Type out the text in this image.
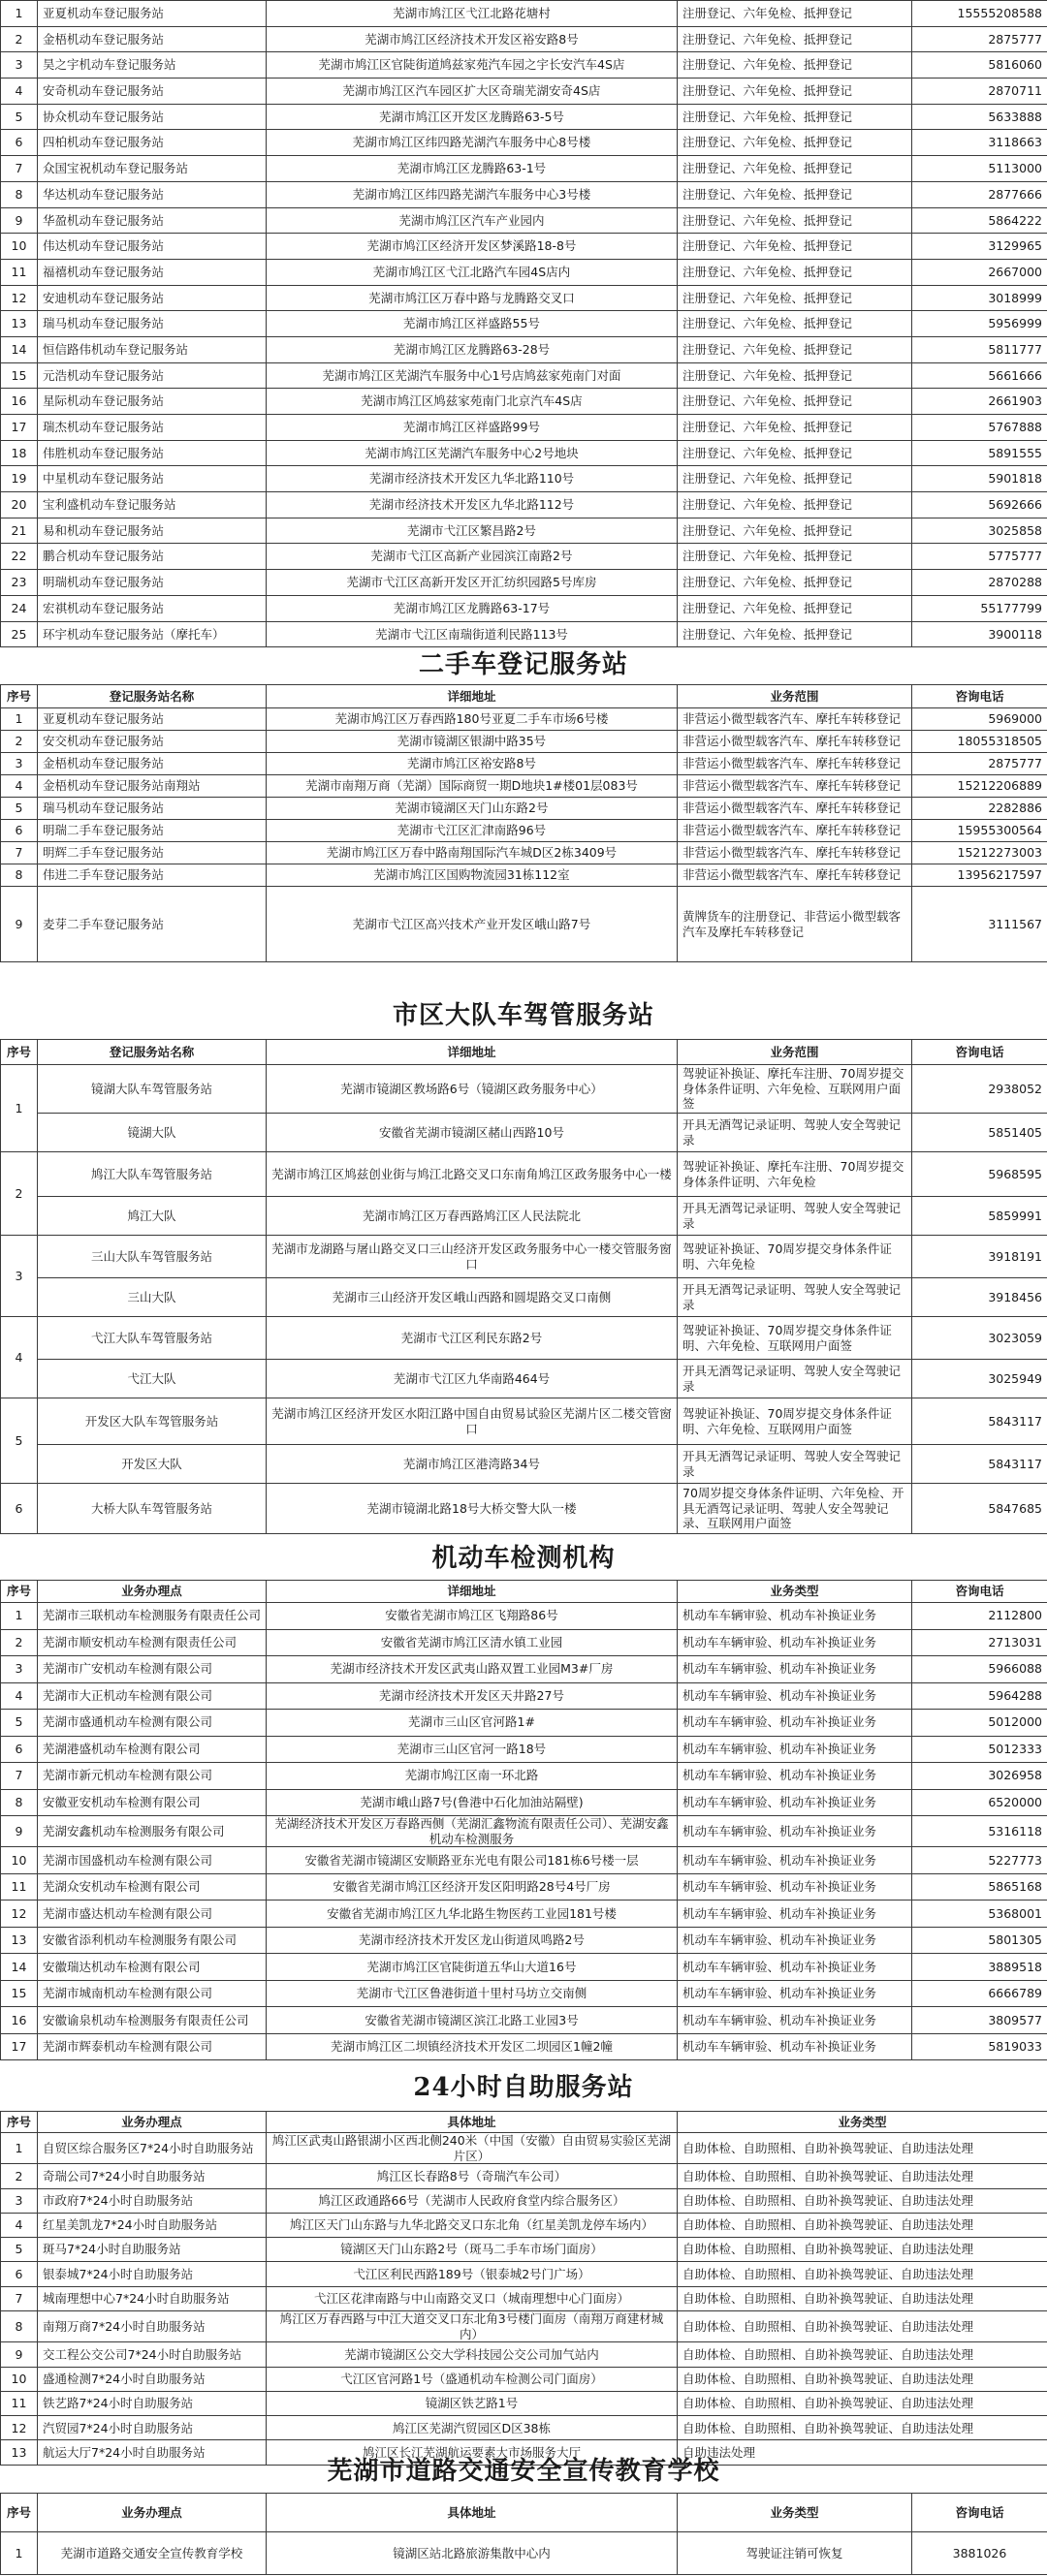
1	亚夏机动车登记服务站	芜湖市鸠江区弋江北路花塘村	注册登记、六年免检、抵押登记	15555208588
2	金梧机动车登记服务站	芜湖市鸠江区经济技术开发区裕安路8号	注册登记、六年免检、抵押登记	2875777
3	昊之宇机动车登记服务站	芜湖市鸠江区官陡街道鸠兹家苑汽车园之宇长安汽车4S店	注册登记、六年免检、抵押登记	5816060
4	安奇机动车登记服务站	芜湖市鸠江区汽车园区扩大区奇瑞芜湖安奇4S店	注册登记、六年免检、抵押登记	2870711
5	协众机动车登记服务站	芜湖市鸠江区开发区龙腾路63-5号	注册登记、六年免检、抵押登记	5633888
6	四柏机动车登记服务站	芜湖市鸠江区纬四路芜湖汽车服务中心8号楼	注册登记、六年免检、抵押登记	3118663
7	众国宝祝机动车登记服务站	芜湖市鸠江区龙腾路63-1号	注册登记、六年免检、抵押登记	5113000
8	华达机动车登记服务站	芜湖市鸠江区纬四路芜湖汽车服务中心3号楼	注册登记、六年免检、抵押登记	2877666
9	华盈机动车登记服务站	芜湖市鸠江区汽车产业园内	注册登记、六年免检、抵押登记	5864222
10	伟达机动车登记服务站	芜湖市鸠江区经济开发区梦溪路18-8号	注册登记、六年免检、抵押登记	3129965
11	福禧机动车登记服务站	芜湖市鸠江区弋江北路汽车园4S店内	注册登记、六年免检、抵押登记	2667000
12	安迪机动车登记服务站	芜湖市鸠江区万春中路与龙腾路交叉口	注册登记、六年免检、抵押登记	3018999
13	瑞马机动车登记服务站	芜湖市鸠江区祥盛路55号	注册登记、六年免检、抵押登记	5956999
14	恒信路伟机动车登记服务站	芜湖市鸠江区龙腾路63-28号	注册登记、六年免检、抵押登记	5811777
15	元浩机动车登记服务站	芜湖市鸠江区芜湖汽车服务中心1号店鸠兹家苑南门对面	注册登记、六年免检、抵押登记	5661666
16	星际机动车登记服务站	芜湖市鸠江区鸠兹家苑南门北京汽车4S店	注册登记、六年免检、抵押登记	2661903
17	瑞杰机动车登记服务站	芜湖市鸠江区祥盛路99号	注册登记、六年免检、抵押登记	5767888
18	伟胜机动车登记服务站	芜湖市鸠江区芜湖汽车服务中心2号地块	注册登记、六年免检、抵押登记	5891555
19	中星机动车登记服务站	芜湖市经济技术开发区九华北路110号	注册登记、六年免检、抵押登记	5901818
20	宝利盛机动车登记服务站	芜湖市经济技术开发区九华北路112号	注册登记、六年免检、抵押登记	5692666
21	易和机动车登记服务站	芜湖市弋江区繁昌路2号	注册登记、六年免检、抵押登记	3025858
22	鹏合机动车登记服务站	芜湖市弋江区高新产业园滨江南路2号	注册登记、六年免检、抵押登记	5775777
23	明瑞机动车登记服务站	芜湖市弋江区高新开发区开汇纺织园路5号库房	注册登记、六年免检、抵押登记	2870288
24	宏祺机动车登记服务站	芜湖市鸠江区龙腾路63-17号	注册登记、六年免检、抵押登记	55177799
25	环宇机动车登记服务站（摩托车）	芜湖市弋江区南瑞街道利民路113号	注册登记、六年免检、抵押登记	3900118
二手车登记服务站
序号	登记服务站名称	详细地址	业务范围	咨询电话
1	亚夏机动车登记服务站	芜湖市鸠江区万春西路180号亚夏二手车市场6号楼	非营运小微型载客汽车、摩托车转移登记	5969000
2	安交机动车登记服务站	芜湖市镜湖区银湖中路35号	非营运小微型载客汽车、摩托车转移登记	18055318505
3	金梧机动车登记服务站	芜湖市鸠江区裕安路8号	非营运小微型载客汽车、摩托车转移登记	2875777
4	金梧机动车登记服务站南翔站	芜湖市南翔万商（芜湖）国际商贸一期D地块1#楼01层083号	非营运小微型载客汽车、摩托车转移登记	15212206889
5	瑞马机动车登记服务站	芜湖市镜湖区天门山东路2号	非营运小微型载客汽车、摩托车转移登记	2282886
6	明瑞二手车登记服务站	芜湖市弋江区汇津南路96号	非营运小微型载客汽车、摩托车转移登记	15955300564
7	明辉二手车登记服务站	芜湖市鸠江区万春中路南翔国际汽车城D区2栋3409号	非营运小微型载客汽车、摩托车转移登记	15212273003
8	伟进二手车登记服务站	芜湖市鸠江区国购物流园31栋112室	非营运小微型载客汽车、摩托车转移登记	13956217597
9	麦芽二手车登记服务站	芜湖市弋江区高兴技术产业开发区峨山路7号	黄牌货车的注册登记、非营运小微型载客汽车及摩托车转移登记	3111567
市区大队车驾管服务站
序号	登记服务站名称	详细地址	业务范围	咨询电话
1	镜湖大队车驾管服务站	芜湖市镜湖区教场路6号（镜湖区政务服务中心）	驾驶证补换证、摩托车注册、70周岁提交身体条件证明、六年免检、互联网用户面签	2938052
	镜湖大队	安徽省芜湖市镜湖区赭山西路10号	开具无酒驾记录证明、驾驶人安全驾驶记录	5851405
2	鸠江大队车驾管服务站	芜湖市鸠江区鸠兹创业街与鸠江北路交叉口东南角鸠江区政务服务中心一楼	驾驶证补换证、摩托车注册、70周岁提交身体条件证明、六年免检	5968595
	鸠江大队	芜湖市鸠江区万春西路鸠江区人民法院北	开具无酒驾记录证明、驾驶人安全驾驶记录	5859991
3	三山大队车驾管服务站	芜湖市龙湖路与屠山路交叉口三山经济开发区政务服务中心一楼交管服务窗口	驾驶证补换证、70周岁提交身体条件证明、六年免检	3918191
	三山大队	芜湖市三山经济开发区峨山西路和圆堤路交叉口南侧	开具无酒驾记录证明、驾驶人安全驾驶记录	3918456
4	弋江大队车驾管服务站	芜湖市弋江区利民东路2号	驾驶证补换证、70周岁提交身体条件证明、六年免检、互联网用户面签	3023059
	弋江大队	芜湖市弋江区九华南路464号	开具无酒驾记录证明、驾驶人安全驾驶记录	3025949
5	开发区大队车驾管服务站	芜湖市鸠江区经济开发区水阳江路中国自由贸易试验区芜湖片区二楼交管窗口	驾驶证补换证、70周岁提交身体条件证明、六年免检、互联网用户面签	5843117
	开发区大队	芜湖市鸠江区港湾路34号	开具无酒驾记录证明、驾驶人安全驾驶记录	5843117
6	大桥大队车驾管服务站	芜湖市镜湖北路18号大桥交警大队一楼	70周岁提交身体条件证明、六年免检、开具无酒驾记录证明、驾驶人安全驾驶记录、互联网用户面签	5847685
机动车检测机构
序号	业务办理点	详细地址	业务类型	咨询电话
1	芜湖市三联机动车检测服务有限责任公司	安徽省芜湖市鸠江区飞翔路86号	机动车车辆审验、机动车补换证业务	2112800
2	芜湖市顺安机动车检测有限责任公司	安徽省芜湖市鸠江区清水镇工业园	机动车车辆审验、机动车补换证业务	2713031
3	芜湖市广安机动车检测有限公司	芜湖市经济技术开发区武夷山路双置工业园M3#厂房	机动车车辆审验、机动车补换证业务	5966088
4	芜湖市大正机动车检测有限公司	芜湖市经济技术开发区天井路27号	机动车车辆审验、机动车补换证业务	5964288
5	芜湖市盛通机动车检测有限公司	芜湖市三山区官河路1#	机动车车辆审验、机动车补换证业务	5012000
6	芜湖港盛机动车检测有限公司	芜湖市三山区官河一路18号	机动车车辆审验、机动车补换证业务	5012333
7	芜湖市新元机动车检测有限公司	芜湖市鸠江区南一环北路	机动车车辆审验、机动车补换证业务	3026958
8	安徽亚安机动车检测有限公司	芜湖市峨山路7号(鲁港中石化加油站隔壁)	机动车车辆审验、机动车补换证业务	6520000
9	芜湖安鑫机动车检测服务有限公司	芜湖经济技术开发区万春路西侧（芜湖汇鑫物流有限责任公司）、芜湖安鑫机动车检测服务	机动车车辆审验、机动车补换证业务	5316118
10	芜湖市国盛机动车检测有限公司	安徽省芜湖市镜湖区安顺路亚东光电有限公司181栋6号楼一层	机动车车辆审验、机动车补换证业务	5227773
11	芜湖众安机动车检测有限公司	安徽省芜湖市鸠江区经济开发区阳明路28号4号厂房	机动车车辆审验、机动车补换证业务	5865168
12	芜湖市盛达机动车检测有限公司	安徽省芜湖市鸠江区九华北路生物医药工业园181号楼	机动车车辆审验、机动车补换证业务	5368001
13	安徽省添利机动车检测服务有限公司	芜湖市经济技术开发区龙山街道凤鸣路2号	机动车车辆审验、机动车补换证业务	5801305
14	安徽瑞达机动车检测有限公司	芜湖市鸠江区官陡街道五华山大道16号	机动车车辆审验、机动车补换证业务	3889518
15	芜湖市城南机动车检测有限公司	芜湖市弋江区鲁港街道十里村马坊立交南侧	机动车车辆审验、机动车补换证业务	6666789
16	安徽谕泉机动车检测服务有限责任公司	安徽省芜湖市镜湖区滨江北路工业园3号	机动车车辆审验、机动车补换证业务	3809577
17	芜湖市辉泰机动车检测有限公司	芜湖市鸠江区二坝镇经济技术开发区二坝园区1幢2幢	机动车车辆审验、机动车补换证业务	5819033
24小时自助服务站
序号	业务办理点	具体地址	业务类型
1	自贸区综合服务区7*24小时自助服务站	鸠江区武夷山路银湖小区西北侧240米（中国（安徽）自由贸易实验区芜湖片区）	自助体检、自助照相、自助补换驾驶证、自助违法处理
2	奇瑞公司7*24小时自助服务站	鸠江区长春路8号（奇瑞汽车公司）	自助体检、自助照相、自助补换驾驶证、自助违法处理
3	市政府7*24小时自助服务站	鸠江区政通路66号（芜湖市人民政府食堂内综合服务区）	自助体检、自助照相、自助补换驾驶证、自助违法处理
4	红星美凯龙7*24小时自助服务站	鸠江区天门山东路与九华北路交叉口东北角（红星美凯龙停车场内）	自助体检、自助照相、自助补换驾驶证、自助违法处理
5	斑马7*24小时自助服务站	镜湖区天门山东路2号（斑马二手车市场门面房）	自助体检、自助照相、自助补换驾驶证、自助违法处理
6	银泰城7*24小时自助服务站	弋江区利民西路189号（银泰城2号门广场）	自助体检、自助照相、自助补换驾驶证、自助违法处理
7	城南理想中心7*24小时自助服务站	弋江区花津南路与中山南路交叉口（城南理想中心门面房）	自助体检、自助照相、自助补换驾驶证、自助违法处理
8	南翔万商7*24小时自助服务站	鸠江区万春西路与中江大道交叉口东北角3号楼门面房（南翔万商建材城内）	自助体检、自助照相、自助补换驾驶证、自助违法处理
9	交工程公交公司7*24小时自助服务站	芜湖市镜湖区公交大学科技园公交公司加气站内	自助体检、自助照相、自助补换驾驶证、自助违法处理
10	盛通检测7*24小时自助服务站	弋江区官河路1号（盛通机动车检测公司门面房）	自助体检、自助照相、自助补换驾驶证、自助违法处理
11	铁艺路7*24小时自助服务站	镜湖区铁艺路1号	自助体检、自助照相、自助补换驾驶证、自助违法处理
12	汽贸园7*24小时自助服务站	鸠江区芜湖汽贸园区D区38栋	自助体检、自助照相、自助补换驾驶证、自助违法处理
13	航运大厅7*24小时自助服务站	鸠江区长江芜湖航运要素大市场服务大厅	自助违法处理
芜湖市道路交通安全宣传教育学校
序号	业务办理点	具体地址	业务类型	咨询电话
1	芜湖市道路交通安全宣传教育学校	镜湖区站北路旅游集散中心内	驾驶证注销可恢复	3881026
